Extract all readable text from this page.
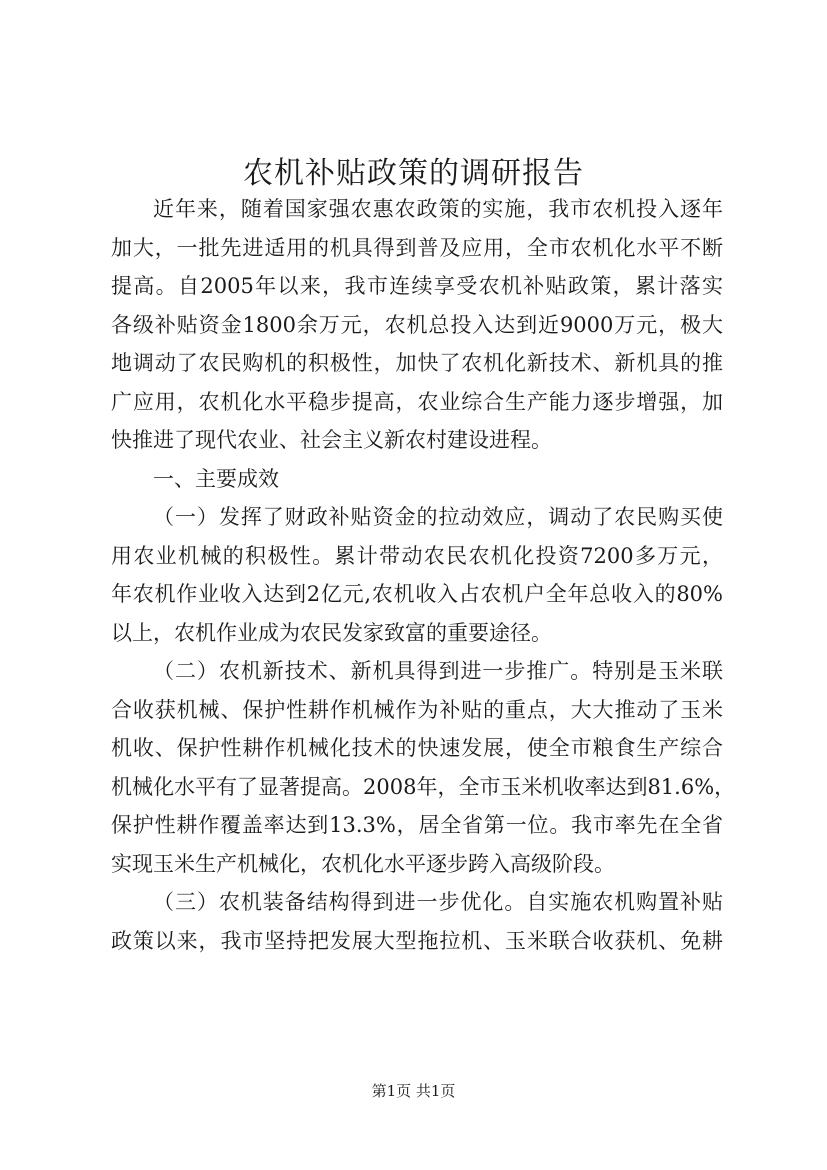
农机补贴政策的调研报告
近年来，随着国家强农惠农政策的实施，我市农机投入逐年
加大，一批先进适用的机具得到普及应用，全市农机化水平不断
提高。自2005年以来，我市连续享受农机补贴政策，累计落实
各级补贴资金1800余万元，农机总投入达到近9000万元，极大
地调动了农民购机的积极性，加快了农机化新技术、新机具的推
广应用，农机化水平稳步提高，农业综合生产能力逐步增强，加
快推进了现代农业、社会主义新农村建设进程。
一、主要成效
（一）发挥了财政补贴资金的拉动效应，调动了农民购买使
用农业机械的积极性。累计带动农民农机化投资7200多万元，
年农机作业收入达到2亿元,农机收入占农机户全年总收入的80%
以上，农机作业成为农民发家致富的重要途径。
（二）农机新技术、新机具得到进一步推广。特别是玉米联
合收获机械、保护性耕作机械作为补贴的重点，大大推动了玉米
机收、保护性耕作机械化技术的快速发展，使全市粮食生产综合
机械化水平有了显著提高。2008年，全市玉米机收率达到81.6%，
保护性耕作覆盖率达到13.3%，居全省第一位。我市率先在全省
实现玉米生产机械化，农机化水平逐步跨入高级阶段。
（三）农机装备结构得到进一步优化。自实施农机购置补贴
政策以来，我市坚持把发展大型拖拉机、玉米联合收获机、免耕
第1页 共1页
